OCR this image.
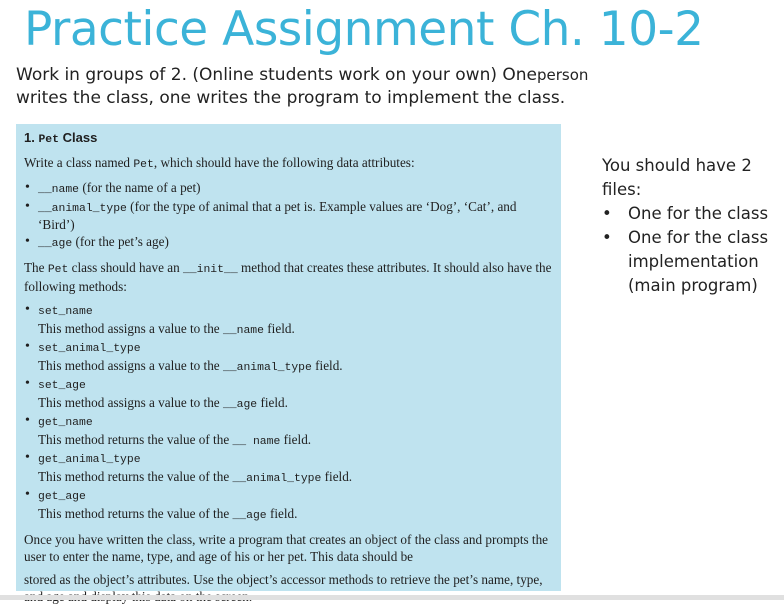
Practice Assignment Ch. 10-2
Work in groups of 2. (Online students work on your own) Oneperson
writes the class, one writes the program to implement the class.
1. Pet Class
Write a class named Pet, which should have the following data attributes:
• __name (for the name of a pet)
• __animal_type (for the type of animal that a pet is. Example values are ‘Dog’, ‘Cat’, and ‘Bird’)
• __age (for the pet’s age)
The Pet class should have an __init__ method that creates these attributes. It should also have the following methods:
• set_name
This method assigns a value to the __name field.
• set_animal_type
This method assigns a value to the __animal_type field.
• set_age
This method assigns a value to the __age field.
• get_name
This method returns the value of the __ name field.
• get_animal_type
This method returns the value of the __animal_type field.
• get_age
This method returns the value of the __age field.
Once you have written the class, write a program that creates an object of the class and prompts the user to enter the name, type, and age of his or her pet. This data should be
stored as the object’s attributes. Use the object’s accessor methods to retrieve the pet’s name, type,
You should have 2 files:
• One for the class
• One for the class implementation (main program)
